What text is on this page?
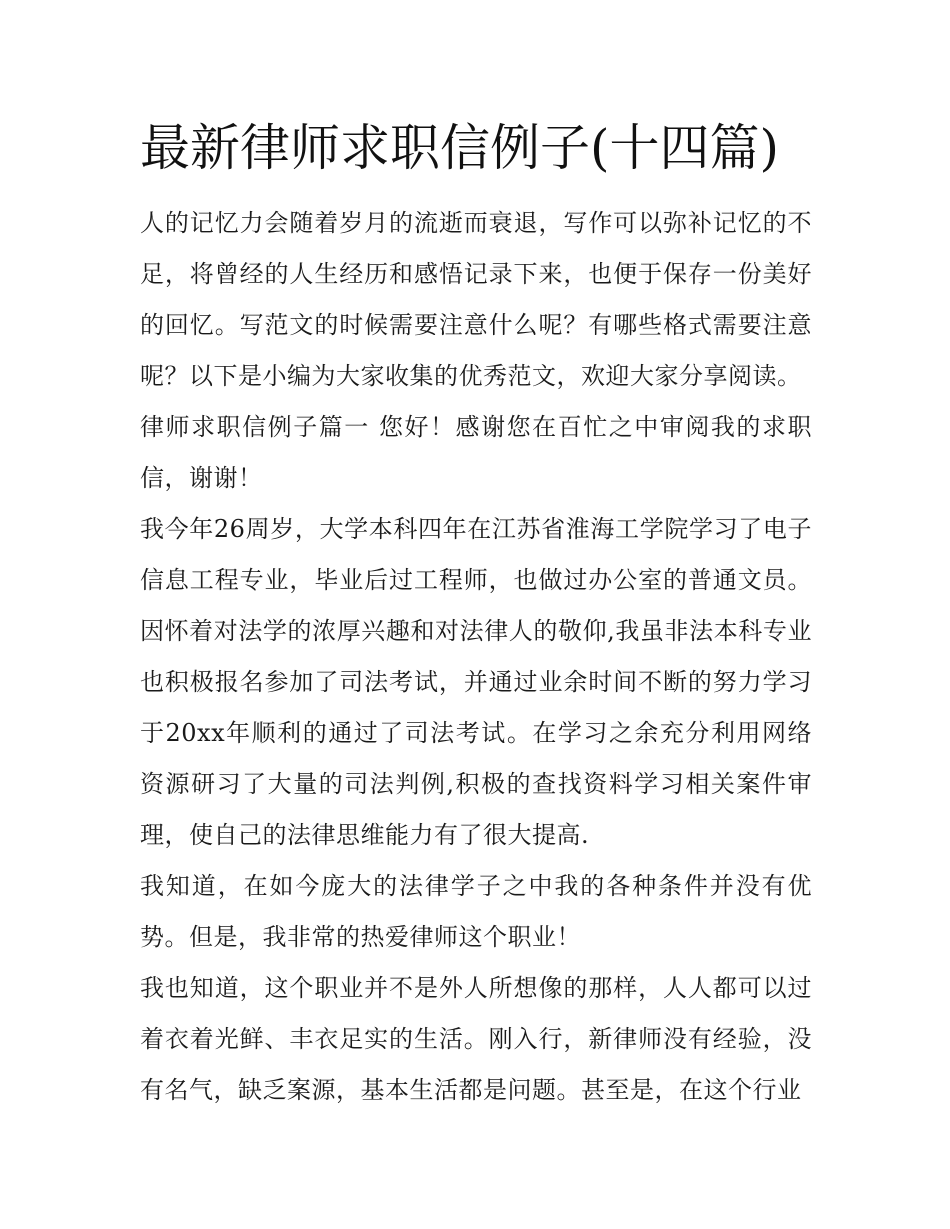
最新律师求职信例子(十四篇)

人的记忆力会随着岁月的流逝而衰退，写作可以弥补记忆的不足，将曾经的人生经历和感悟记录下来，也便于保存一份美好的回忆。写范文的时候需要注意什么呢？有哪些格式需要注意呢？以下是小编为大家收集的优秀范文，欢迎大家分享阅读。

律师求职信例子篇一 您好！感谢您在百忙之中审阅我的求职信，谢谢！

我今年26周岁，大学本科四年在江苏省淮海工学院学习了电子信息工程专业，毕业后过工程师，也做过办公室的普通文员。因怀着对法学的浓厚兴趣和对法律人的敬仰,我虽非法本科专业也积极报名参加了司法考试，并通过业余时间不断的努力学习于20xx年顺利的通过了司法考试。在学习之余充分利用网络资源研习了大量的司法判例,积极的查找资料学习相关案件审理，使自己的法律思维能力有了很大提高.

我知道，在如今庞大的法律学子之中我的各种条件并没有优势。但是，我非常的热爱律师这个职业！

我也知道，这个职业并不是外人所想像的那样，人人都可以过着衣着光鲜、丰衣足实的生活。刚入行，新律师没有经验，没有名气，缺乏案源，基本生活都是问题。甚至是，在这个行业
